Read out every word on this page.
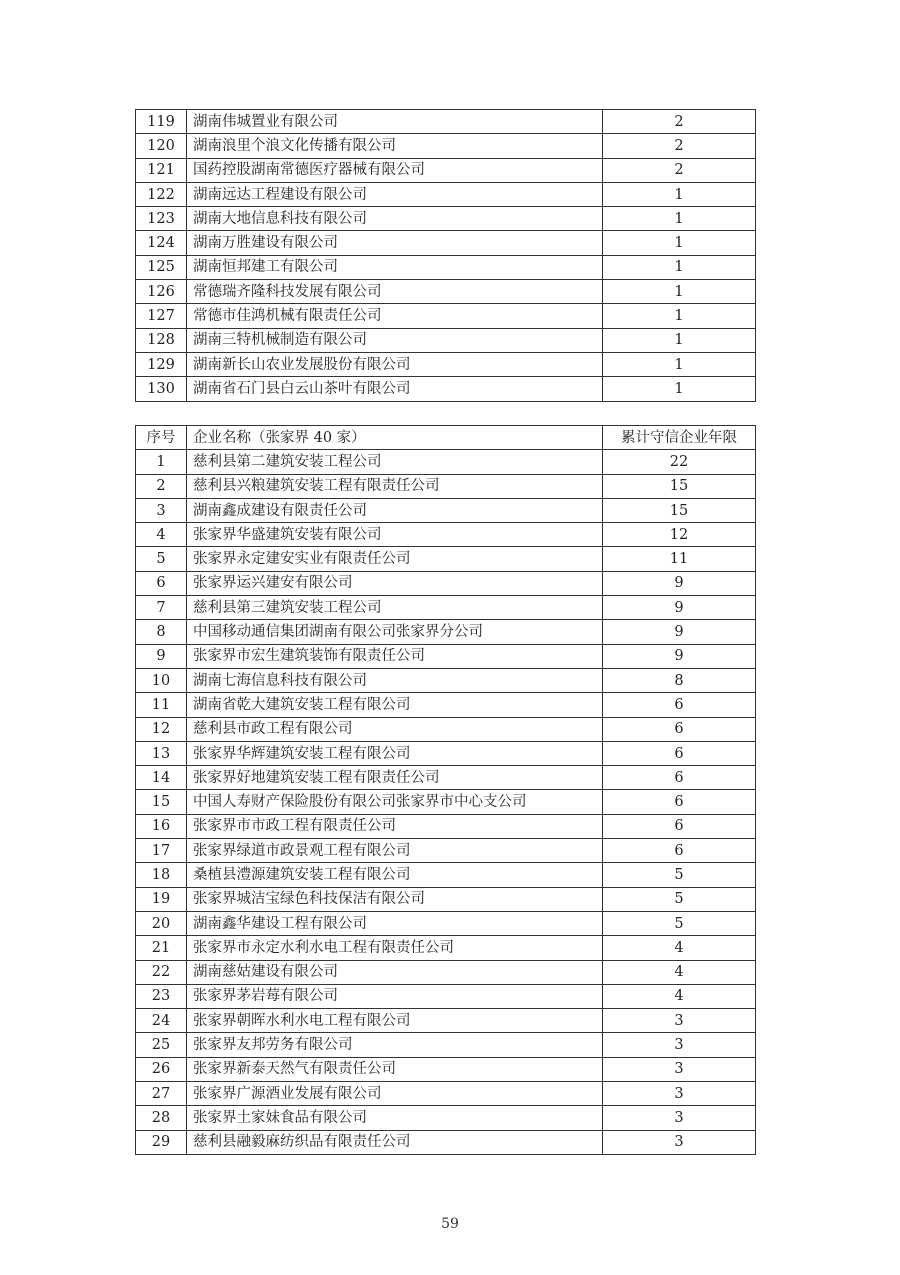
119	湖南伟城置业有限公司	2
120	湖南浪里个浪文化传播有限公司	2
121	国药控股湖南常德医疗器械有限公司	2
122	湖南远达工程建设有限公司	1
123	湖南大地信息科技有限公司	1
124	湖南万胜建设有限公司	1
125	湖南恒邦建工有限公司	1
126	常德瑞齐隆科技发展有限公司	1
127	常德市佳鸿机械有限责任公司	1
128	湖南三特机械制造有限公司	1
129	湖南新长山农业发展股份有限公司	1
130	湖南省石门县白云山茶叶有限公司	1
序号	企业名称（张家界 40 家）	累计守信企业年限
1	慈利县第二建筑安装工程公司	22
2	慈利县兴粮建筑安装工程有限责任公司	15
3	湖南鑫成建设有限责任公司	15
4	张家界华盛建筑安装有限公司	12
5	张家界永定建安实业有限责任公司	11
6	张家界运兴建安有限公司	9
7	慈利县第三建筑安装工程公司	9
8	中国移动通信集团湖南有限公司张家界分公司	9
9	张家界市宏生建筑装饰有限责任公司	9
10	湖南七海信息科技有限公司	8
11	湖南省乾大建筑安装工程有限公司	6
12	慈利县市政工程有限公司	6
13	张家界华辉建筑安装工程有限公司	6
14	张家界好地建筑安装工程有限责任公司	6
15	中国人寿财产保险股份有限公司张家界市中心支公司	6
16	张家界市市政工程有限责任公司	6
17	张家界绿道市政景观工程有限公司	6
18	桑植县澧源建筑安装工程有限公司	5
19	张家界城洁宝绿色科技保洁有限公司	5
20	湖南鑫华建设工程有限公司	5
21	张家界市永定水利水电工程有限责任公司	4
22	湖南慈姑建设有限公司	4
23	张家界茅岩莓有限公司	4
24	张家界朝晖水利水电工程有限公司	3
25	张家界友邦劳务有限公司	3
26	张家界新泰天然气有限责任公司	3
27	张家界广源酒业发展有限公司	3
28	张家界土家妹食品有限公司	3
29	慈利县融毅麻纺织品有限责任公司	3
59
